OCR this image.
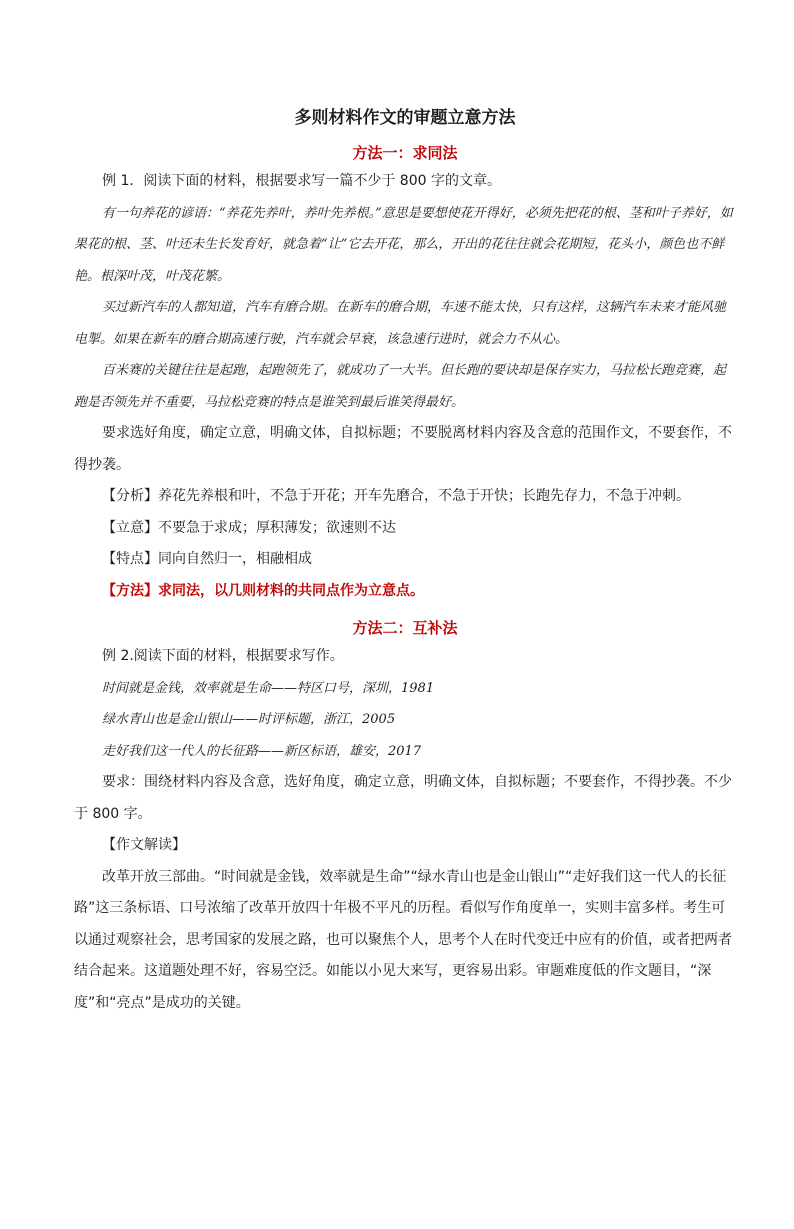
多则材料作文的审题立意方法
方法一：求同法

例 1．阅读下面的材料，根据要求写一篇不少于 800 字的文章。

有一句养花的谚语：“养花先养叶，养叶先养根。”意思是要想使花开得好，必须先把花的根、茎和叶子养好，如果花的根、茎、叶还未生长发育好，就急着“让”它去开花，那么，开出的花往往就会花期短，花头小，颜色也不鲜艳。根深叶茂，叶茂花繁。

买过新汽车的人都知道，汽车有磨合期。在新车的磨合期，车速不能太快，只有这样，这辆汽车未来才能风驰电掣。如果在新车的磨合期高速行驶，汽车就会早衰，该急速行进时，就会力不从心。

百米赛的关键往往是起跑，起跑领先了，就成功了一大半。但长跑的要诀却是保存实力，马拉松长跑竞赛，起跑是否领先并不重要，马拉松竞赛的特点是谁笑到最后谁笑得最好。

要求选好角度，确定立意，明确文体，自拟标题；不要脱离材料内容及含意的范围作文，不要套作，不得抄袭。

【分析】养花先养根和叶，不急于开花；开车先磨合，不急于开快；长跑先存力，不急于冲刺。

【立意】不要急于求成；厚积薄发；欲速则不达

【特点】同向自然归一，相融相成

【方法】求同法，以几则材料的共同点作为立意点。

方法二：互补法

例 2.阅读下面的材料，根据要求写作。

时间就是金钱，效率就是生命——特区口号，深圳，1981

绿水青山也是金山银山——时评标题，浙江，2005

走好我们这一代人的长征路——新区标语，雄安，2017

要求：围绕材料内容及含意，选好角度，确定立意，明确文体，自拟标题；不要套作，不得抄袭。不少于 800 字。

【作文解读】

改革开放三部曲。“时间就是金钱，效率就是生命”“绿水青山也是金山银山”“走好我们这一代人的长征路”这三条标语、口号浓缩了改革开放四十年极不平凡的历程。看似写作角度单一，实则丰富多样。考生可以通过观察社会，思考国家的发展之路，也可以聚焦个人，思考个人在时代变迁中应有的价值，或者把两者结合起来。这道题处理不好，容易空泛。如能以小见大来写，更容易出彩。审题难度低的作文题目，“深度”和“亮点”是成功的关键。
